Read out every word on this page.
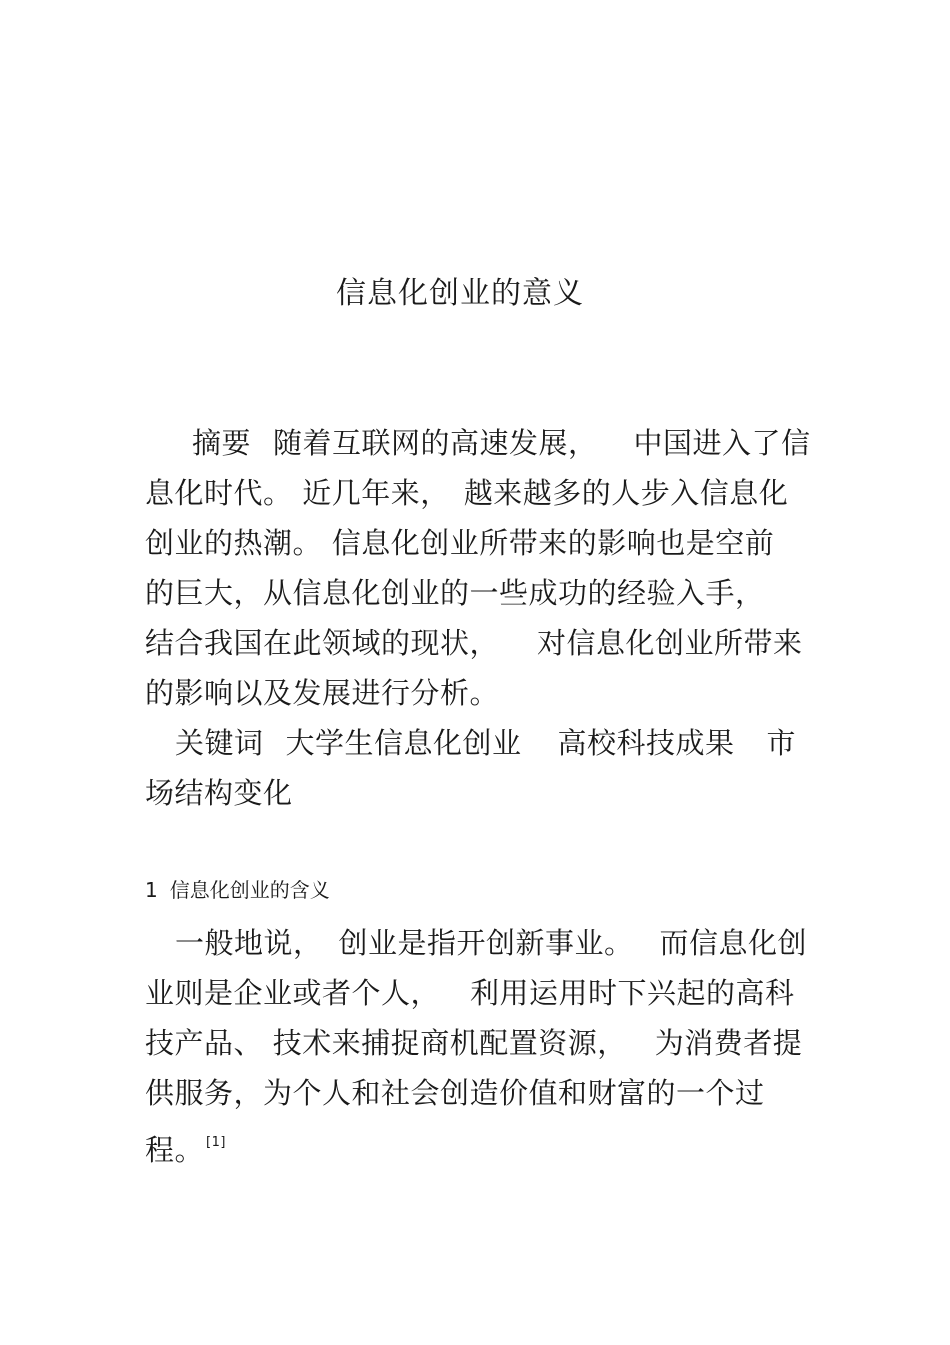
信息化创业的意义
摘要 随着互联网的高速发展， 中国进入了信
息化时代。 近几年来， 越来越多的人步入信息化
创业的热潮。 信息化创业所带来的影响也是空前
的巨大，从信息化创业的一些成功的经验入手，
结合我国在此领域的现状， 对信息化创业所带来
的影响以及发展进行分析。
关键词 大学生信息化创业 高校科技成果 市
场结构变化
1 信息化创业的含义
一般地说， 创业是指开创新事业。 而信息化创
业则是企业或者个人， 利用运用时下兴起的高科
技产品、 技术来捕捉商机配置资源， 为消费者提
供服务，为个人和社会创造价值和财富的一个过
程。 [1]
